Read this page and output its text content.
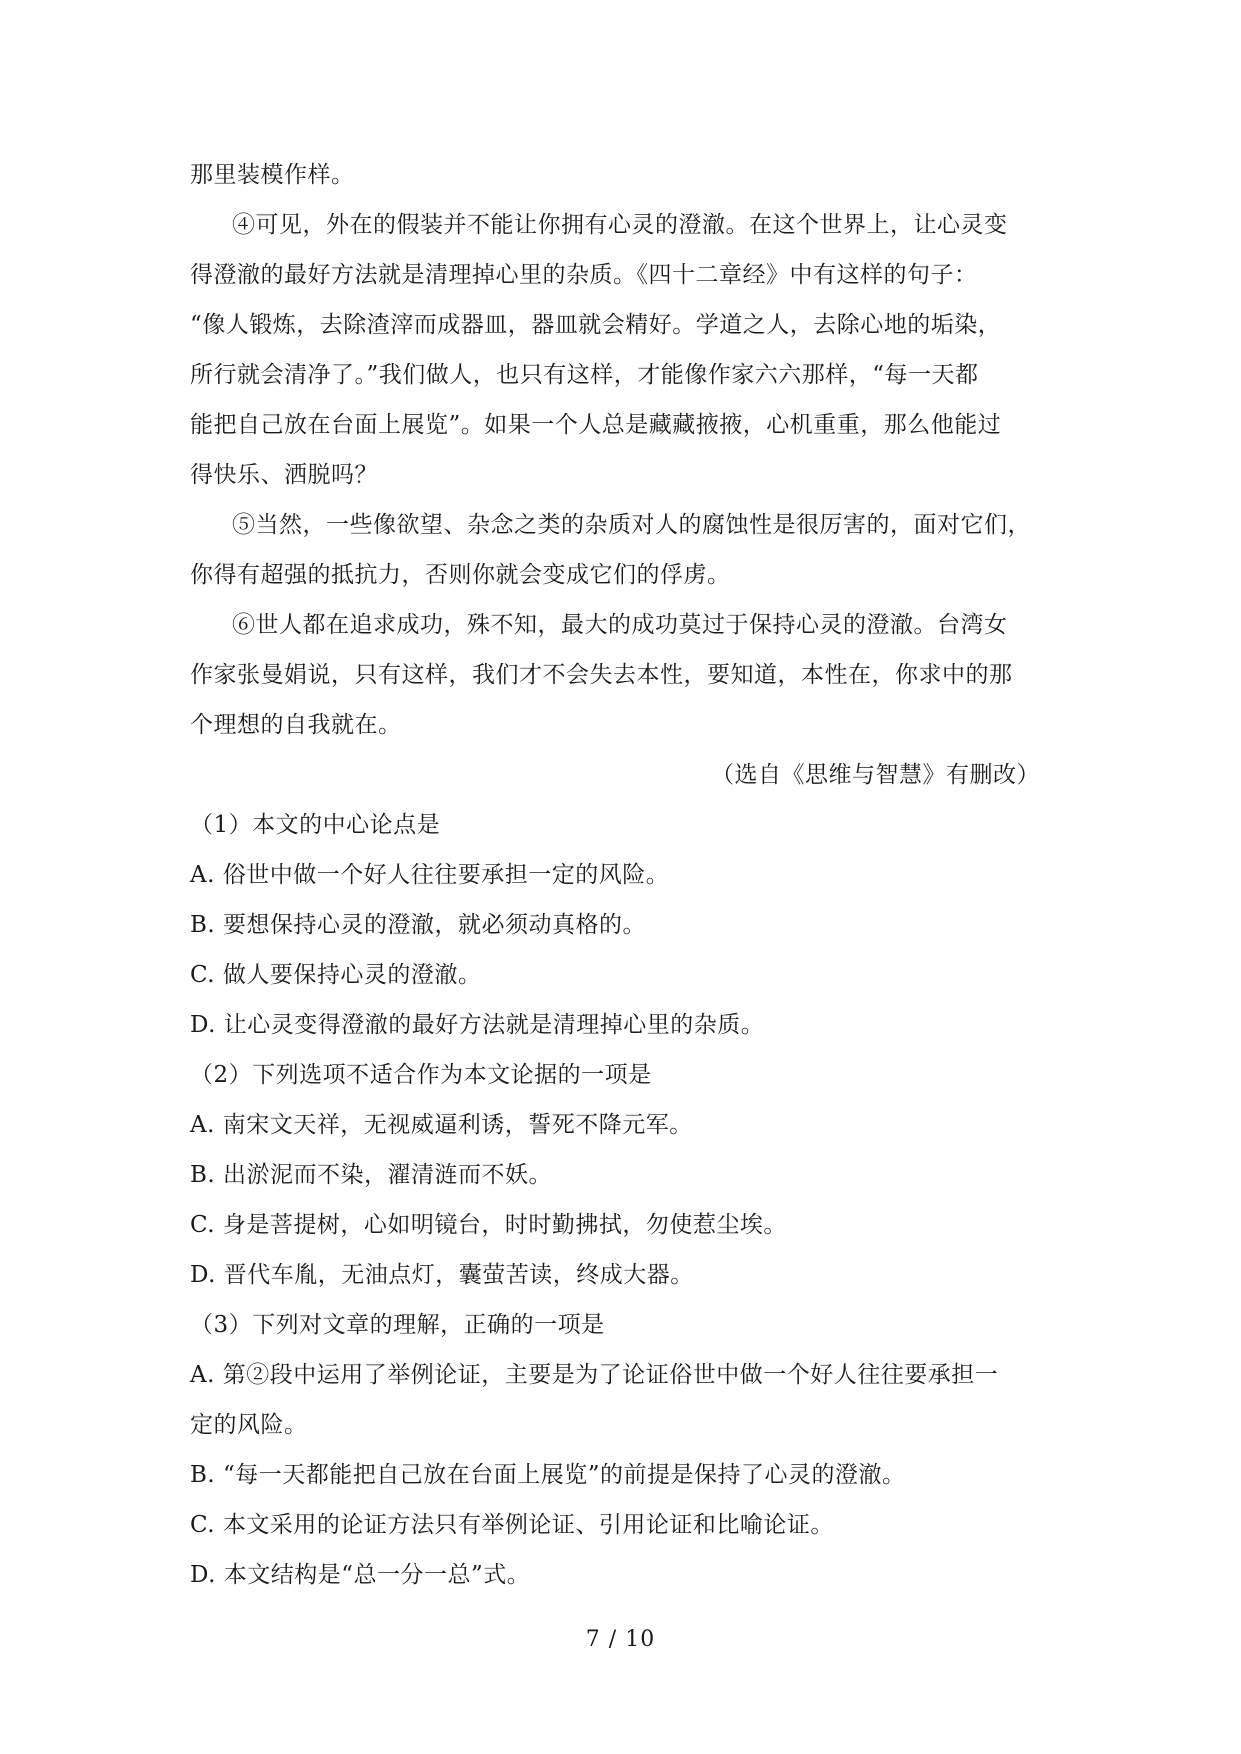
那里装模作样。
④可见，外在的假装并不能让你拥有心灵的澄澈。在这个世界上，让心灵变
得澄澈的最好方法就是清理掉心里的杂质。《四十二章经》中有这样的句子：
“像人锻炼，去除渣滓而成器皿，器皿就会精好。学道之人，去除心地的垢染，
所行就会清净了。”我们做人，也只有这样，才能像作家六六那样，“每一天都
能把自己放在台面上展览”。如果一个人总是藏藏掖掖，心机重重，那么他能过
得快乐、洒脱吗？
⑤当然，一些像欲望、杂念之类的杂质对人的腐蚀性是很厉害的，面对它们，
你得有超强的抵抗力，否则你就会变成它们的俘虏。
⑥世人都在追求成功，殊不知，最大的成功莫过于保持心灵的澄澈。台湾女
作家张曼娟说，只有这样，我们才不会失去本性，要知道，本性在，你求中的那
个理想的自我就在。
（选自《思维与智慧》有删改）
（1）本文的中心论点是
A. 俗世中做一个好人往往要承担一定的风险。
B. 要想保持心灵的澄澈，就必须动真格的。
C. 做人要保持心灵的澄澈。
D. 让心灵变得澄澈的最好方法就是清理掉心里的杂质。
（2）下列选项不适合作为本文论据的一项是
A. 南宋文天祥，无视威逼利诱，誓死不降元军。
B. 出淤泥而不染，濯清涟而不妖。
C. 身是菩提树，心如明镜台，时时勤拂拭，勿使惹尘埃。
D. 晋代车胤，无油点灯，囊萤苦读，终成大器。
（3）下列对文章的理解，正确的一项是
A. 第②段中运用了举例论证，主要是为了论证俗世中做一个好人往往要承担一
定的风险。
B. “每一天都能把自己放在台面上展览”的前提是保持了心灵的澄澈。
C. 本文采用的论证方法只有举例论证、引用论证和比喻论证。
D. 本文结构是“总一分一总”式。
7 / 10
